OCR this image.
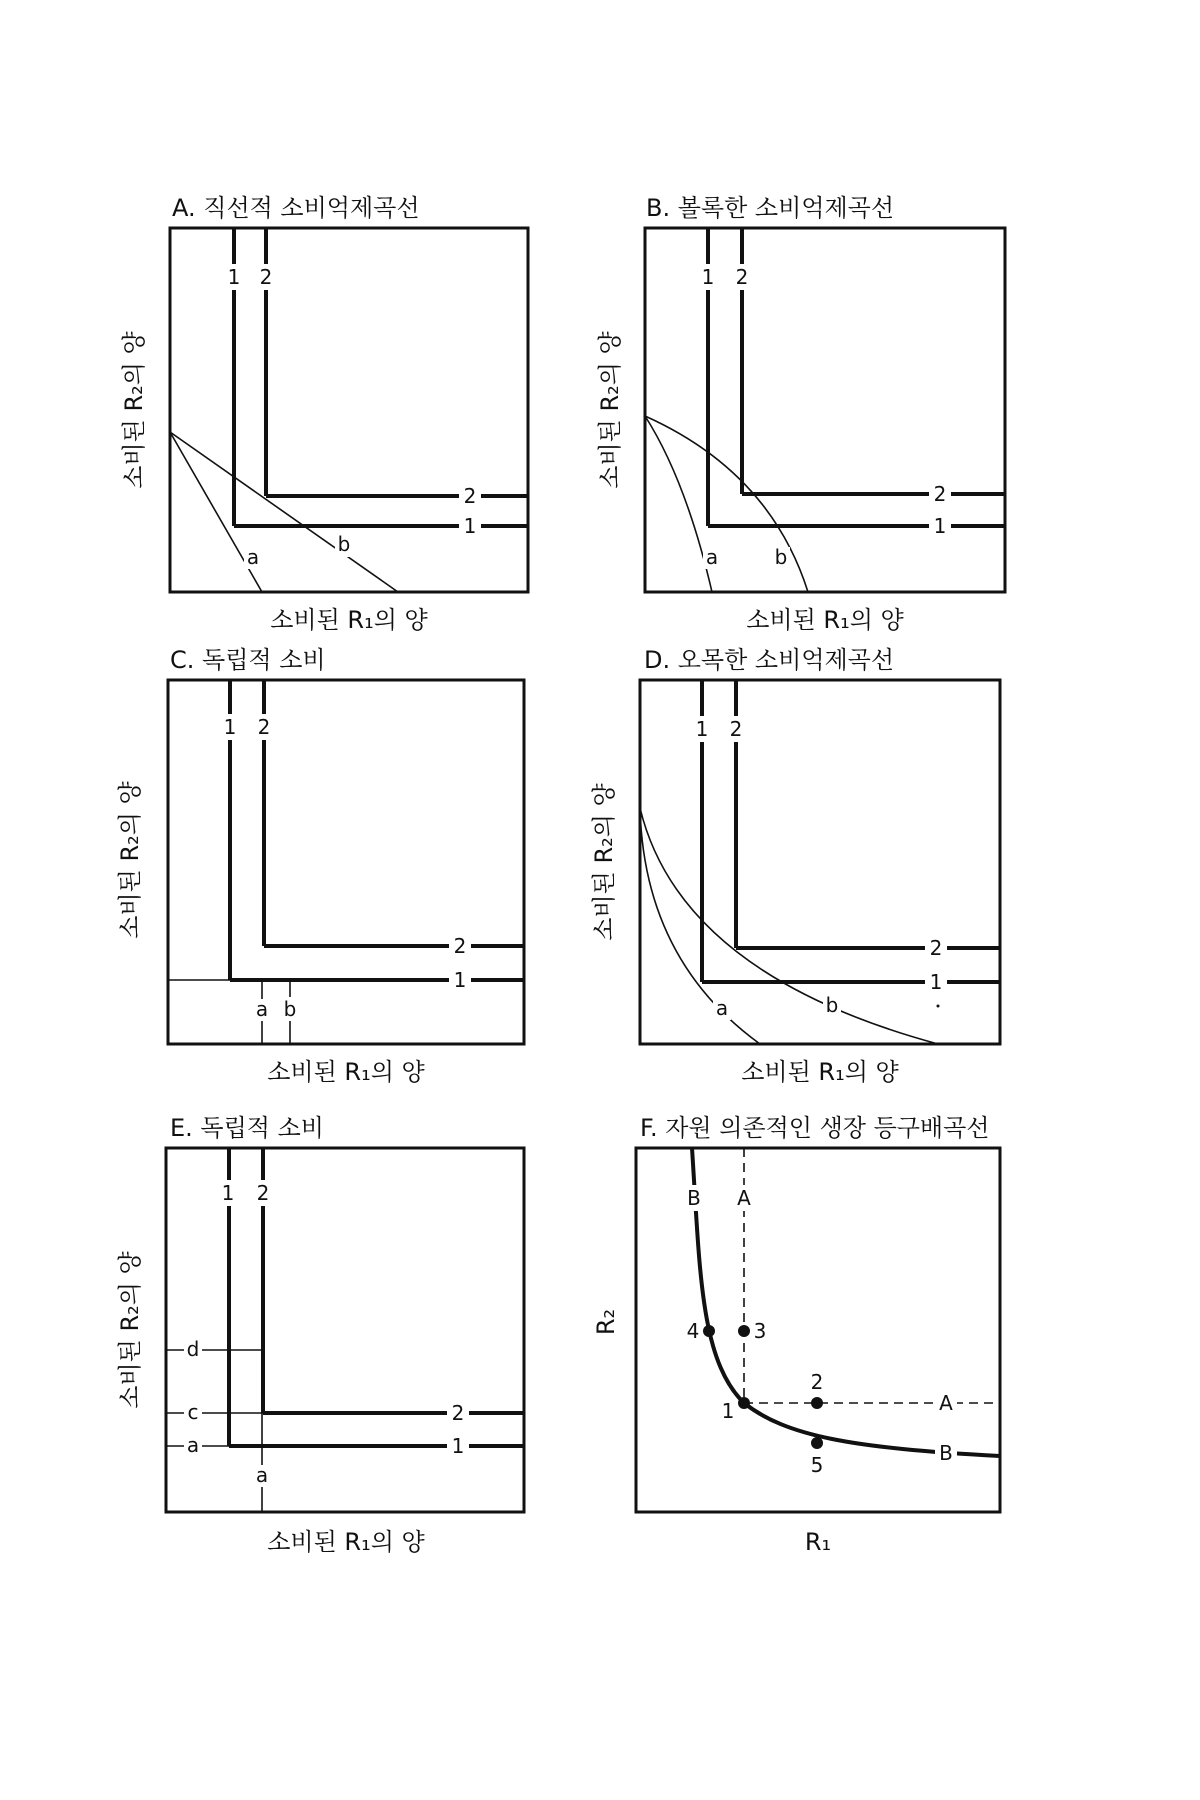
A. 직선적 소비억제곡선
1 2
2
1
a
b
소비된 R₁의 양
소비된 R₂의 양
B. 볼록한 소비억제곡선
1 2
2
1
a	b
소비된 R₁의 양
소비된 R₂의 양
C. 독립적 소비
1 2
2
1
a b
소비된 R₁의 양
소비된 R₂의 양
D. 오목한 소비억제곡선
1 2
2
1
a	b
소비된 R₁의 양
소비된 R₂의 양
E. 독립적 소비
1 2
2
1
d
c
a
a
소비된 R₁의 양
소비된 R₂의 양
F. 자원 의존적인 생장 등구배곡선
B A
A
B
1
2
3
4
5
R₁
R₂
